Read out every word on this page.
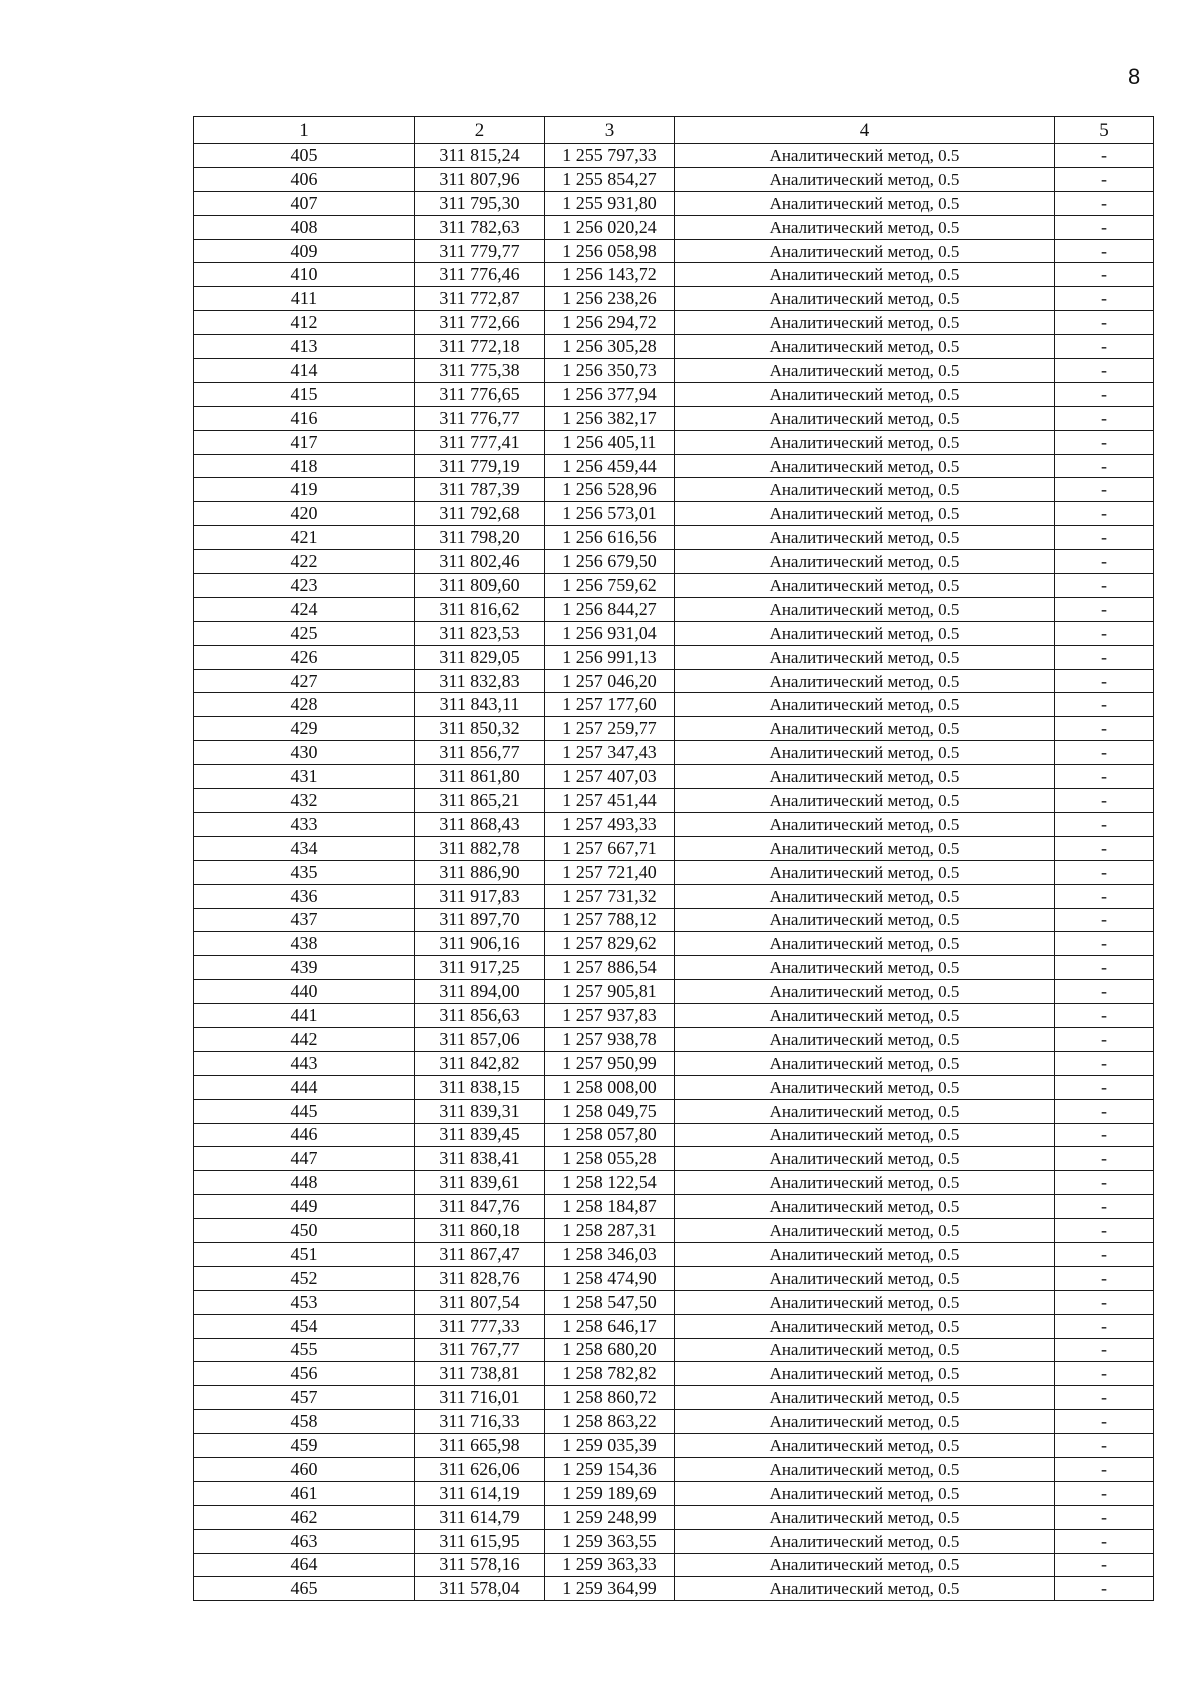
8
1	2	3	4	5
405	311 815,24	1 255 797,33	Аналитический метод, 0.5	-
406	311 807,96	1 255 854,27	Аналитический метод, 0.5	-
407	311 795,30	1 255 931,80	Аналитический метод, 0.5	-
408	311 782,63	1 256 020,24	Аналитический метод, 0.5	-
409	311 779,77	1 256 058,98	Аналитический метод, 0.5	-
410	311 776,46	1 256 143,72	Аналитический метод, 0.5	-
411	311 772,87	1 256 238,26	Аналитический метод, 0.5	-
412	311 772,66	1 256 294,72	Аналитический метод, 0.5	-
413	311 772,18	1 256 305,28	Аналитический метод, 0.5	-
414	311 775,38	1 256 350,73	Аналитический метод, 0.5	-
415	311 776,65	1 256 377,94	Аналитический метод, 0.5	-
416	311 776,77	1 256 382,17	Аналитический метод, 0.5	-
417	311 777,41	1 256 405,11	Аналитический метод, 0.5	-
418	311 779,19	1 256 459,44	Аналитический метод, 0.5	-
419	311 787,39	1 256 528,96	Аналитический метод, 0.5	-
420	311 792,68	1 256 573,01	Аналитический метод, 0.5	-
421	311 798,20	1 256 616,56	Аналитический метод, 0.5	-
422	311 802,46	1 256 679,50	Аналитический метод, 0.5	-
423	311 809,60	1 256 759,62	Аналитический метод, 0.5	-
424	311 816,62	1 256 844,27	Аналитический метод, 0.5	-
425	311 823,53	1 256 931,04	Аналитический метод, 0.5	-
426	311 829,05	1 256 991,13	Аналитический метод, 0.5	-
427	311 832,83	1 257 046,20	Аналитический метод, 0.5	-
428	311 843,11	1 257 177,60	Аналитический метод, 0.5	-
429	311 850,32	1 257 259,77	Аналитический метод, 0.5	-
430	311 856,77	1 257 347,43	Аналитический метод, 0.5	-
431	311 861,80	1 257 407,03	Аналитический метод, 0.5	-
432	311 865,21	1 257 451,44	Аналитический метод, 0.5	-
433	311 868,43	1 257 493,33	Аналитический метод, 0.5	-
434	311 882,78	1 257 667,71	Аналитический метод, 0.5	-
435	311 886,90	1 257 721,40	Аналитический метод, 0.5	-
436	311 917,83	1 257 731,32	Аналитический метод, 0.5	-
437	311 897,70	1 257 788,12	Аналитический метод, 0.5	-
438	311 906,16	1 257 829,62	Аналитический метод, 0.5	-
439	311 917,25	1 257 886,54	Аналитический метод, 0.5	-
440	311 894,00	1 257 905,81	Аналитический метод, 0.5	-
441	311 856,63	1 257 937,83	Аналитический метод, 0.5	-
442	311 857,06	1 257 938,78	Аналитический метод, 0.5	-
443	311 842,82	1 257 950,99	Аналитический метод, 0.5	-
444	311 838,15	1 258 008,00	Аналитический метод, 0.5	-
445	311 839,31	1 258 049,75	Аналитический метод, 0.5	-
446	311 839,45	1 258 057,80	Аналитический метод, 0.5	-
447	311 838,41	1 258 055,28	Аналитический метод, 0.5	-
448	311 839,61	1 258 122,54	Аналитический метод, 0.5	-
449	311 847,76	1 258 184,87	Аналитический метод, 0.5	-
450	311 860,18	1 258 287,31	Аналитический метод, 0.5	-
451	311 867,47	1 258 346,03	Аналитический метод, 0.5	-
452	311 828,76	1 258 474,90	Аналитический метод, 0.5	-
453	311 807,54	1 258 547,50	Аналитический метод, 0.5	-
454	311 777,33	1 258 646,17	Аналитический метод, 0.5	-
455	311 767,77	1 258 680,20	Аналитический метод, 0.5	-
456	311 738,81	1 258 782,82	Аналитический метод, 0.5	-
457	311 716,01	1 258 860,72	Аналитический метод, 0.5	-
458	311 716,33	1 258 863,22	Аналитический метод, 0.5	-
459	311 665,98	1 259 035,39	Аналитический метод, 0.5	-
460	311 626,06	1 259 154,36	Аналитический метод, 0.5	-
461	311 614,19	1 259 189,69	Аналитический метод, 0.5	-
462	311 614,79	1 259 248,99	Аналитический метод, 0.5	-
463	311 615,95	1 259 363,55	Аналитический метод, 0.5	-
464	311 578,16	1 259 363,33	Аналитический метод, 0.5	-
465	311 578,04	1 259 364,99	Аналитический метод, 0.5	-
